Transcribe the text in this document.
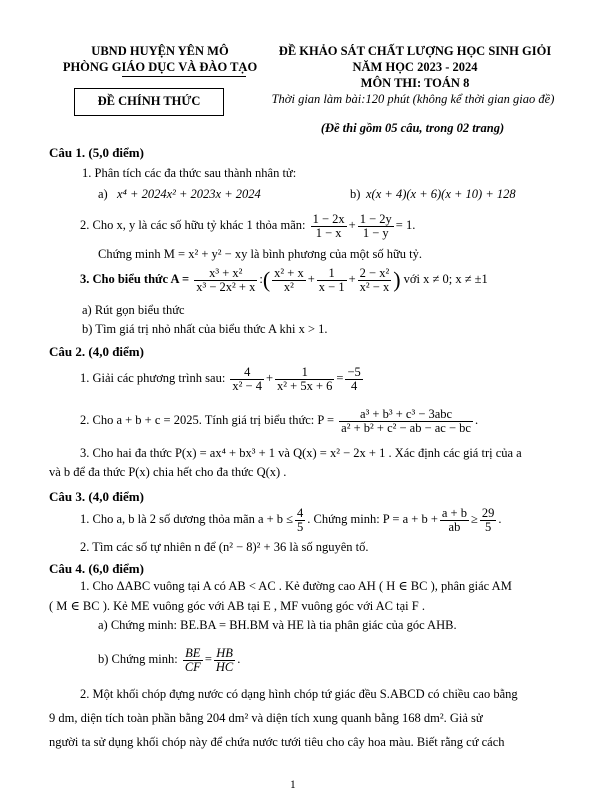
UBND HUYỆN YÊN MÔ
PHÒNG GIÁO DỤC VÀ ĐÀO TẠO
ĐỀ CHÍNH THỨC
ĐỀ KHẢO SÁT CHẤT LƯỢNG HỌC SINH GIỎI
NĂM HỌC 2023 - 2024
MÔN THI: TOÁN 8
Thời gian làm bài:120 phút (không kể thời gian giao đề)
(Đề thi gồm 05 câu, trong 02 trang)
Câu 1. (5,0 điểm)
1. Phân tích các đa thức sau thành nhân tử:
a) x⁴ + 2024x² + 2023x + 2024	b) x(x + 4)(x + 6)(x + 10) + 128
2. Cho x, y là các số hữu tỷ khác 1 thỏa mãn: $\frac{1 - 2x}{1 - x} + \frac{1 - 2y}{1 - y} = 1$.
Chứng minh M = x² + y² − xy là bình phương của một số hữu tỷ.
3. Cho biểu thức $A = \frac{\text{x³ + x²}}{\text{x³ − 2x² + x}}$ :( $\frac{\text{x² + x}}{\text{x²}} + \frac{1}{x - 1} + \frac{\text{2 − x²}}{\text{x² − x}}$ ) với x ≠ 0; x ≠ ±1
a) Rút gọn biểu thức
b) Tìm giá trị nhỏ nhất của biểu thức A khi x > 1.
Câu 2. (4,0 điểm)
1. Giải các phương trình sau: $\frac{4}{\text{x² − 4}} + \frac{1}{\text{x² + 5x + 6}} = \frac{-5}{4}$
2. Cho a + b + c = 2025. Tính giá trị biểu thức: $P = \frac{\text{a³ + b³ + c³ − 3abc}}{\text{a² + b² + c² − ab − ac − bc}}$ .
3. Cho hai đa thức P(x) = ax⁴ + bx³ + 1 và Q(x) = x² − 2x + 1 . Xác định các giá trị của a
và b để đa thức P(x) chia hết cho đa thức Q(x) .
Câu 3. (4,0 điểm)
1. Cho a, b là 2 số dương thỏa mãn $a + b \le \frac{4}{5}$ . Chứng minh: $P = a + b + \frac{a + b}{ab} \ge \frac{29}{5}$ .
2. Tìm các số tự nhiên n để (n² − 8)² + 36 là số nguyên tố.
Câu 4. (6,0 điểm)
1. Cho ΔABC vuông tại A có AB < AC . Kẻ đường cao AH ( H ∈ BC ), phân giác AM
( M ∈ BC ). Kẻ ME vuông góc với AB tại E , MF vuông góc với AC tại F .
a) Chứng minh: BE.BA = BH.BM và HE là tia phân giác của góc AHB.
b) Chứng minh: $\frac{BE}{CF} = \frac{HB}{HC}$ .
2. Một khối chóp đựng nước có dạng hình chóp tứ giác đều S.ABCD có chiều cao bằng
9 dm, diện tích toàn phần bằng 204 dm² và diện tích xung quanh bằng 168 dm². Giả sử
người ta sử dụng khối chóp này để chứa nước tưới tiêu cho cây hoa màu. Biết rằng cứ cách
1
